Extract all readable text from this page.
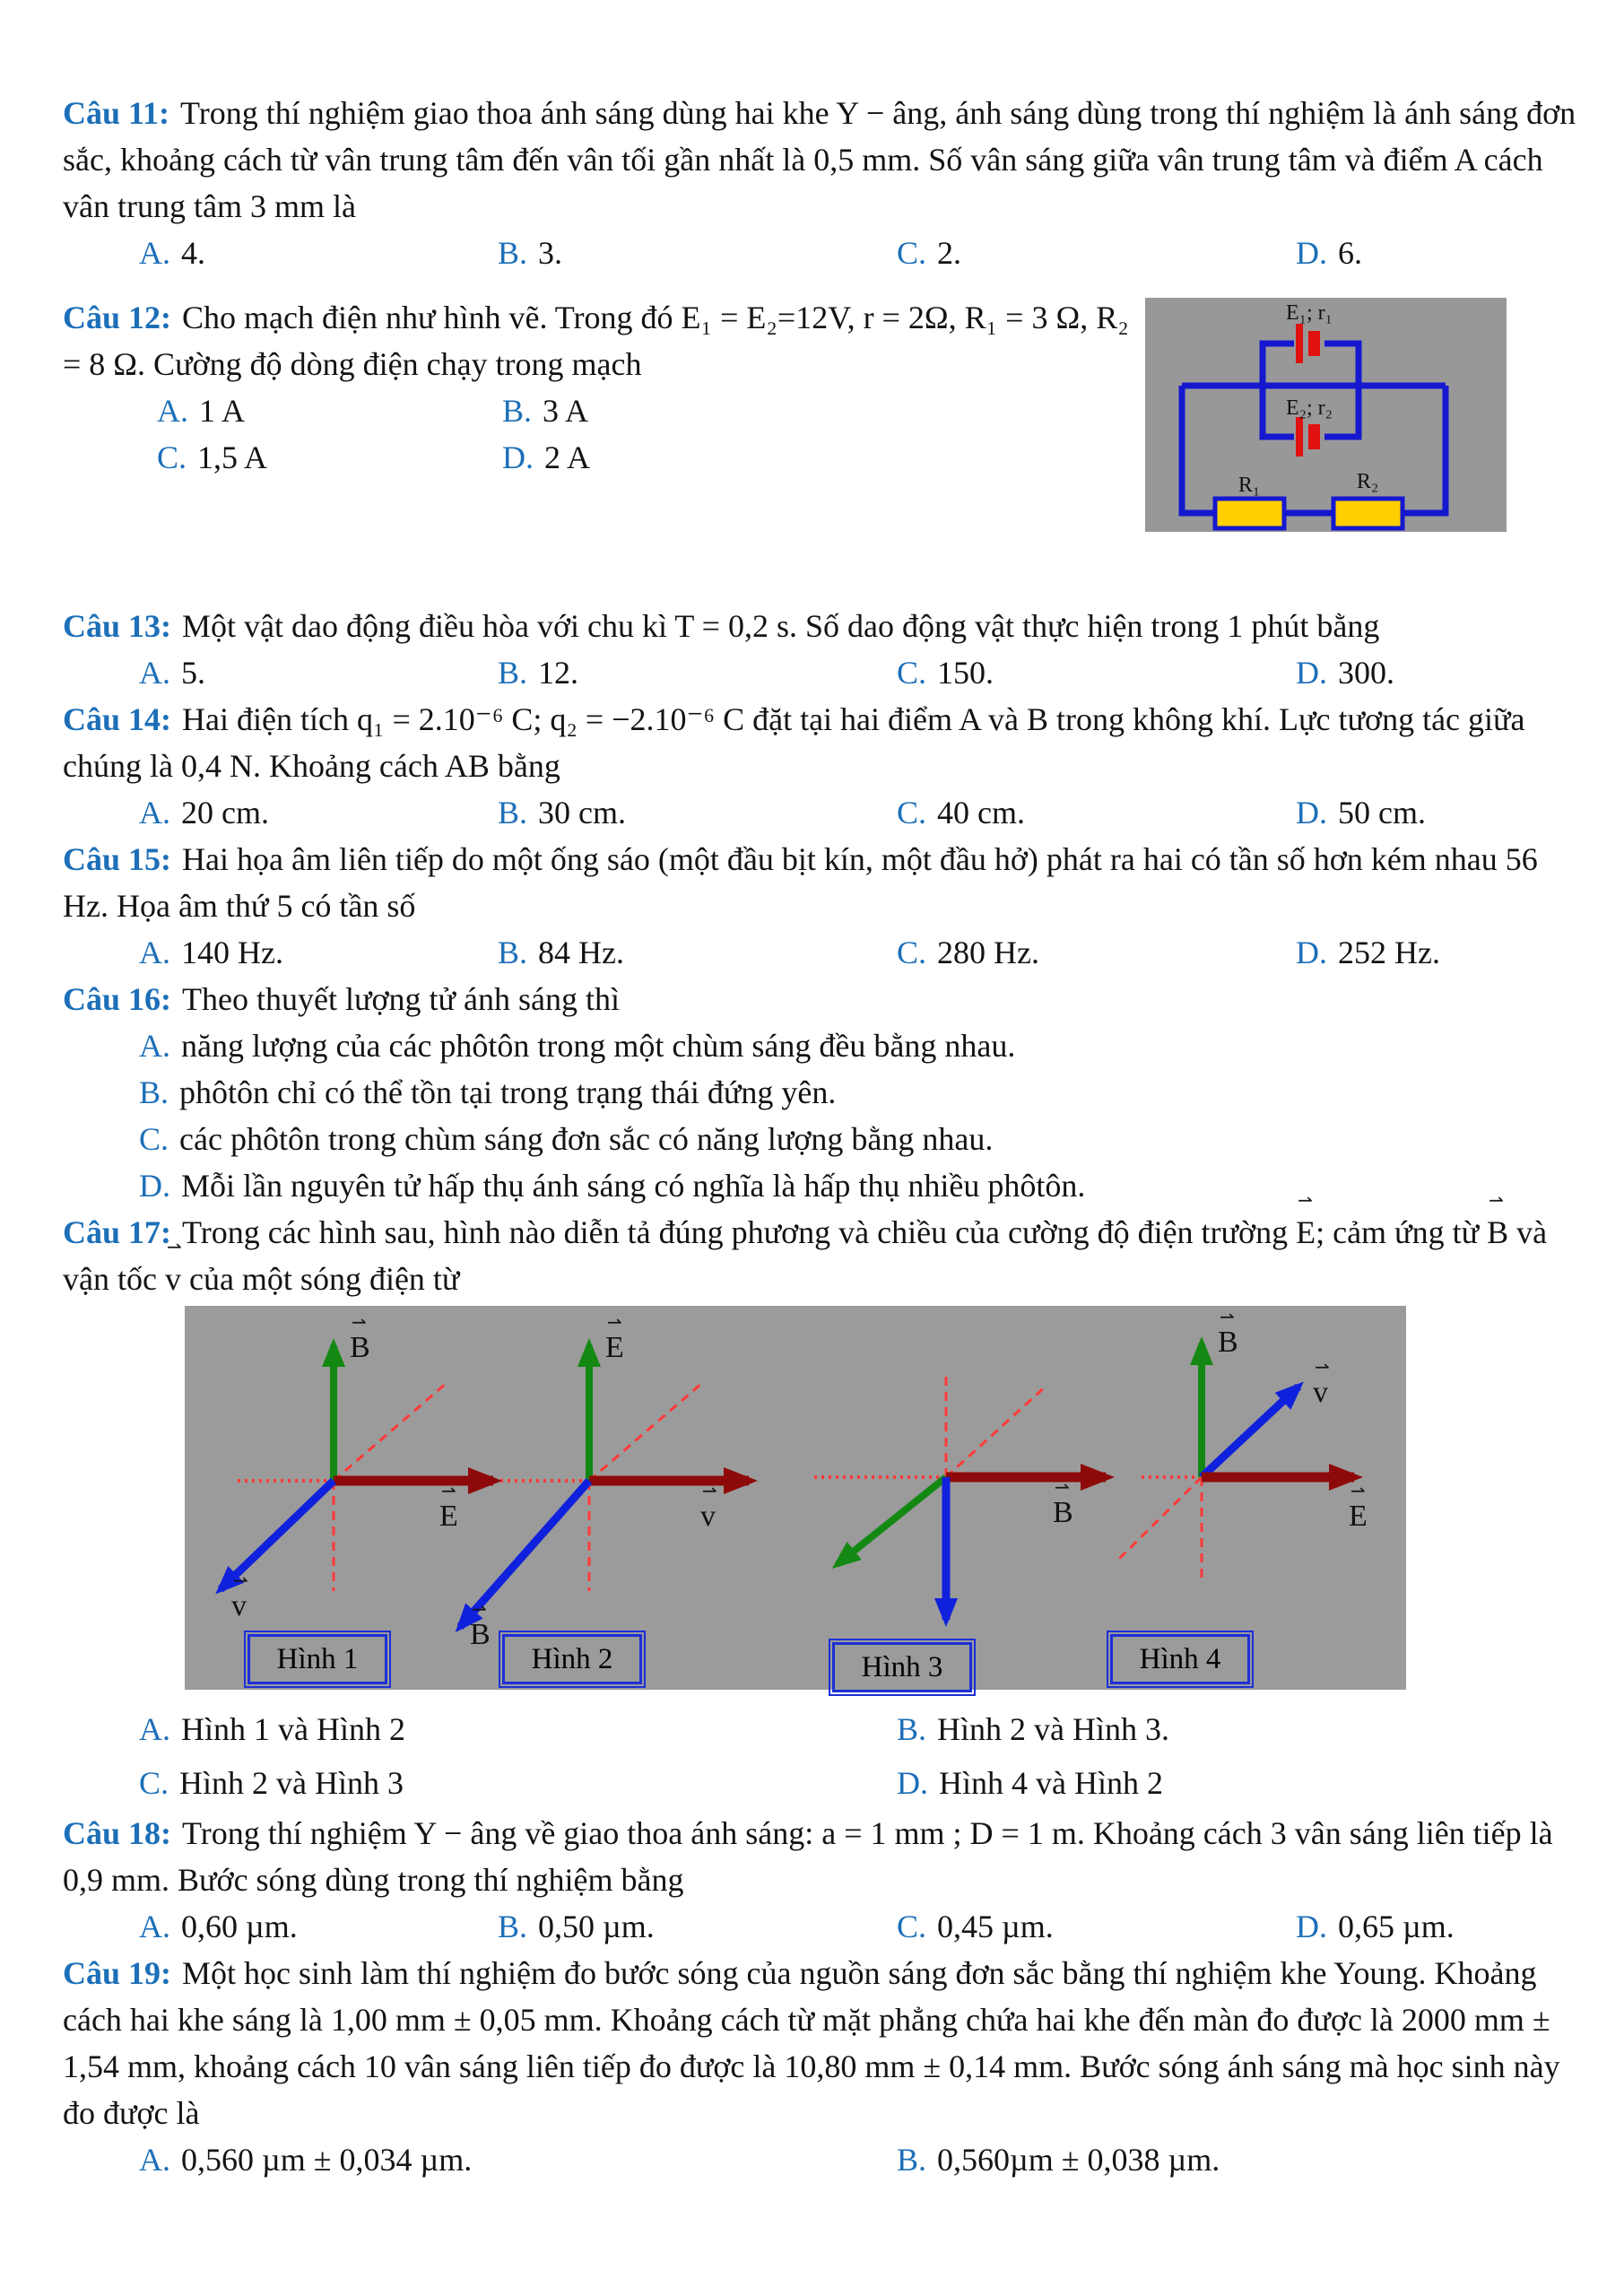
Câu 11: Trong thí nghiệm giao thoa ánh sáng dùng hai khe Y − âng, ánh sáng dùng trong thí nghiệm là ánh sáng đơn sắc, khoảng cách từ vân trung tâm đến vân tối gần nhất là 0,5 mm. Số vân sáng giữa vân trung tâm và điểm A cách vân trung tâm 3 mm là

A. 4.	B. 3.	C. 2.	D. 6.

Câu 12: Cho mạch điện như hình vẽ. Trong đó E₁ = E₂=12V, r = 2Ω, R₁ = 3 Ω, R₂ = 8 Ω. Cường độ dòng điện chạy trong mạch

A. 1 A	B. 3 A
C. 1,5 A	D. 2 A
E₁; r₁
E₂; r₂
R₁	R₂

Câu 13: Một vật dao động điều hòa với chu kì T = 0,2 s. Số dao động vật thực hiện trong 1 phút bằng

A. 5.	B. 12.	C. 150.	D. 300.

Câu 14: Hai điện tích q₁ = 2.10⁻⁶ C; q₂ = −2.10⁻⁶ C đặt tại hai điểm A và B trong không khí. Lực tương tác giữa chúng là 0,4 N. Khoảng cách AB bằng

A. 20 cm.	B. 30 cm.	C. 40 cm.	D. 50 cm.

Câu 15: Hai họa âm liên tiếp do một ống sáo (một đầu bịt kín, một đầu hở) phát ra hai có tần số hơn kém nhau 56 Hz. Họa âm thứ 5 có tần số

A. 140 Hz.	B. 84 Hz.	C. 280 Hz.	D. 252 Hz.

Câu 16: Theo thuyết lượng tử ánh sáng thì

A. năng lượng của các phôtôn trong một chùm sáng đều bằng nhau.

B. phôtôn chỉ có thể tồn tại trong trạng thái đứng yên.

C. các phôtôn trong chùm sáng đơn sắc có năng lượng bằng nhau.

D. Mỗi lần nguyên tử hấp thụ ánh sáng có nghĩa là hấp thụ nhiều phôtôn.

Câu 17: Trong các hình sau, hình nào diễn tả đúng phương và chiều của cường độ điện trường
⇀
E; cảm ứng từ
⇀
B và vận tốc
⇀
v của một sóng điện từ

⇀
B
⇀
E
⇀
v
⇀
E
⇀
v
⇀
B
⇀
B
⇀
B
⇀
v
⇀
E
Hình 1	Hình 2	Hình 3	Hình 4
A. Hình 1 và Hình 2	B. Hình 2 và Hình 3.
C. Hình 2 và Hình 3	D. Hình 4 và Hình 2

Câu 18: Trong thí nghiệm Y − âng về giao thoa ánh sáng: a = 1 mm ; D = 1 m. Khoảng cách 3 vân sáng liên tiếp là 0,9 mm. Bước sóng dùng trong thí nghiệm bằng

A. 0,60 µm.	B. 0,50 µm.	C. 0,45 µm.	D. 0,65 µm.

Câu 19: Một học sinh làm thí nghiệm đo bước sóng của nguồn sáng đơn sắc bằng thí nghiệm khe Young. Khoảng cách hai khe sáng là 1,00 mm ± 0,05 mm. Khoảng cách từ mặt phẳng chứa hai khe đến màn đo được là 2000 mm ± 1,54 mm, khoảng cách 10 vân sáng liên tiếp đo được là 10,80 mm ± 0,14 mm. Bước sóng ánh sáng mà học sinh này đo được là

A. 0,560 µm ± 0,034 µm.	B. 0,560µm ± 0,038 µm.
